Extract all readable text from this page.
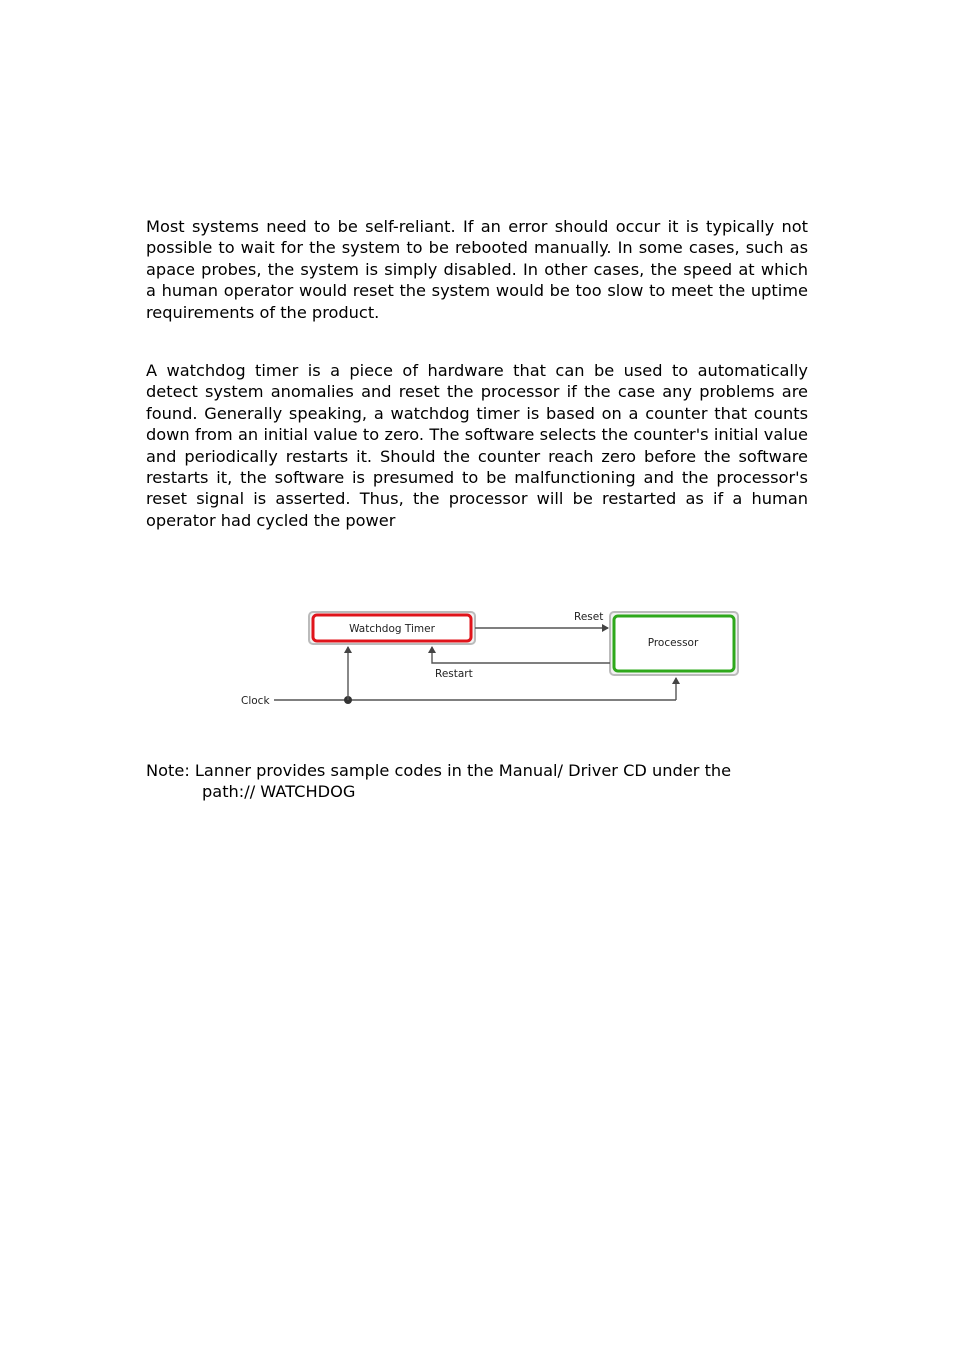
Most systems need to be self-reliant. If an error should occur it is typically not possible to wait for the system to be rebooted manually. In some cases, such as apace probes, the system is simply disabled. In other cases, the speed at which a human operator would reset the system would be too slow to meet the uptime requirements of the product.

A watchdog timer is a piece of hardware that can be used to automatically detect system anomalies and reset the processor if the case any problems are found. Generally speaking, a watchdog timer is based on a counter that counts down from an initial value to zero. The software selects the counter's initial value and periodically restarts it. Should the counter reach zero before the software restarts it, the software is presumed to be malfunctioning and the processor's reset signal is asserted. Thus, the processor will be restarted as if a human operator had cycled the power

Watchdog Timer
Processor
Reset
Restart
Clock
Note: Lanner provides sample codes in the Manual/ Driver CD under the
path:// WATCHDOG
